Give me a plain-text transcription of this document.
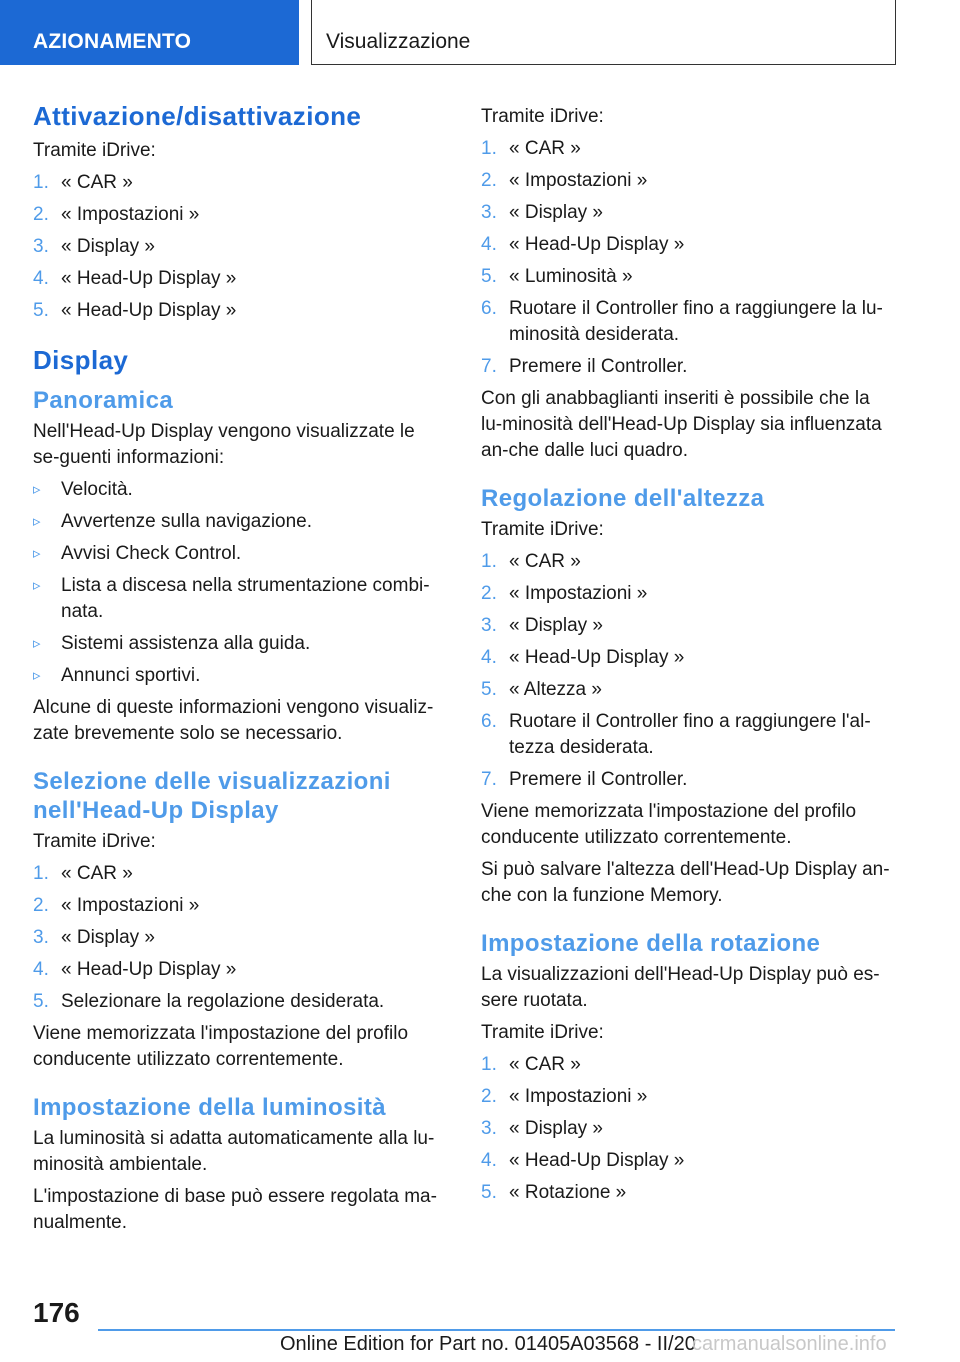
AZIONAMENTO	Visualizzazione
Attivazione/disattivazione

Tramite iDrive:

1. « CAR »
2. « Impostazioni »
3. « Display »
4. « Head-Up Display »
5. « Head-Up Display »
Display
Panoramica

Nell'Head-Up Display vengono visualizzate le se-guenti informazioni:

▹ Velocità.
▹ Avvertenze sulla navigazione.
▹ Avvisi Check Control.
▹ Lista a discesa nella strumentazione combi-nata.
▹ Sistemi assistenza alla guida.
▹ Annunci sportivi.

Alcune di queste informazioni vengono visualiz-zate brevemente solo se necessario.

Selezione delle visualizzazioni nell'Head-Up Display

Tramite iDrive:

1. « CAR »
2. « Impostazioni »
3. « Display »
4. « Head-Up Display »
5. Selezionare la regolazione desiderata.

Viene memorizzata l'impostazione del profilo conducente utilizzato correntemente.

Impostazione della luminosità

La luminosità si adatta automaticamente alla lu-minosità ambientale.

L'impostazione di base può essere regolata ma-nualmente.

Tramite iDrive:

1. « CAR »
2. « Impostazioni »
3. « Display »
4. « Head-Up Display »
5. « Luminosità »
6. Ruotare il Controller fino a raggiungere la lu-minosità desiderata.
7. Premere il Controller.

Con gli anabbaglianti inseriti è possibile che la lu-minosità dell'Head-Up Display sia influenzata an-che dalle luci quadro.

Regolazione dell'altezza

Tramite iDrive:

1. « CAR »
2. « Impostazioni »
3. « Display »
4. « Head-Up Display »
5. « Altezza »
6. Ruotare il Controller fino a raggiungere l'al-tezza desiderata.
7. Premere il Controller.

Viene memorizzata l'impostazione del profilo conducente utilizzato correntemente.

Si può salvare l'altezza dell'Head-Up Display an-che con la funzione Memory.

Impostazione della rotazione

La visualizzazioni dell'Head-Up Display può es-sere ruotata.

Tramite iDrive:

1. « CAR »
2. « Impostazioni »
3. « Display »
4. « Head-Up Display »
5. « Rotazione »
176
Online Edition for Part no. 01405A03568 - II/20
carmanualsonline.info
